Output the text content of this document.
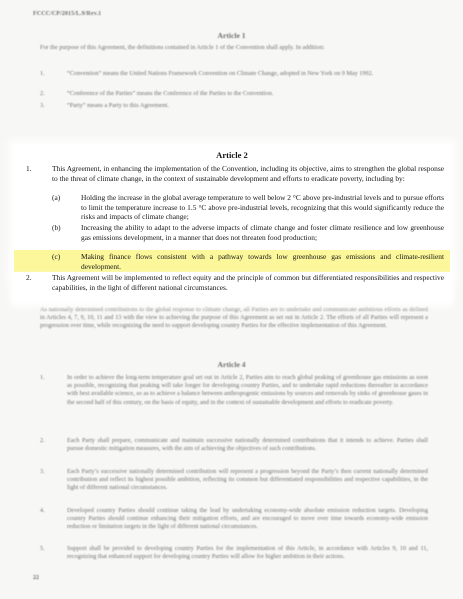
FCCC/CP/2015/L.9/Rev.1
Article 1
For the purpose of this Agreement, the definitions contained in Article 1 of the Convention shall apply. In addition:
1.	“Convention” means the United Nations Framework Convention on Climate Change, adopted in New York on 9 May 1992.
2.	“Conference of the Parties” means the Conference of the Parties to the Convention.
3.	“Party” means a Party to this Agreement.
As nationally determined contributions to the global response to climate change, all Parties are to undertake and communicate ambitious efforts as defined in Articles 4, 7, 9, 10, 11 and 13 with the view to achieving the purpose of this Agreement as set out in Article 2. The efforts of all Parties will represent a progression over time, while recognizing the need to support developing country Parties for the effective implementation of this Agreement.
Article 4
1.	In order to achieve the long-term temperature goal set out in Article 2, Parties aim to reach global peaking of greenhouse gas emissions as soon as possible, recognizing that peaking will take longer for developing country Parties, and to undertake rapid reductions thereafter in accordance with best available science, so as to achieve a balance between anthropogenic emissions by sources and removals by sinks of greenhouse gases in the second half of this century, on the basis of equity, and in the context of sustainable development and efforts to eradicate poverty.
2.	Each Party shall prepare, communicate and maintain successive nationally determined contributions that it intends to achieve. Parties shall pursue domestic mitigation measures, with the aim of achieving the objectives of such contributions.
3.	Each Party’s successive nationally determined contribution will represent a progression beyond the Party’s then current nationally determined contribution and reflect its highest possible ambition, reflecting its common but differentiated responsibilities and respective capabilities, in the light of different national circumstances.
4.	Developed country Parties should continue taking the lead by undertaking economy-wide absolute emission reduction targets. Developing country Parties should continue enhancing their mitigation efforts, and are encouraged to move over time towards economy-wide emission reduction or limitation targets in the light of different national circumstances.
5.	Support shall be provided to developing country Parties for the implementation of this Article, in accordance with Articles 9, 10 and 11, recognizing that enhanced support for developing country Parties will allow for higher ambition in their actions.
22
Article 2
1.	This Agreement, in enhancing the implementation of the Convention, including its objective, aims to strengthen the global response to the threat of climate change, in the context of sustainable development and efforts to eradicate poverty, including by:
(a)	Holding the increase in the global average temperature to well below 2 °C above pre-industrial levels and to pursue efforts to limit the temperature increase to 1.5 °C above pre-industrial levels, recognizing that this would significantly reduce the risks and impacts of climate change;
(b)	Increasing the ability to adapt to the adverse impacts of climate change and foster climate resilience and low greenhouse gas emissions development, in a manner that does not threaten food production;
(c)	Making finance flows consistent with a pathway towards low greenhouse gas emissions and climate-resilient development.
2.	This Agreement will be implemented to reflect equity and the principle of common but differentiated responsibilities and respective capabilities, in the light of different national circumstances.
